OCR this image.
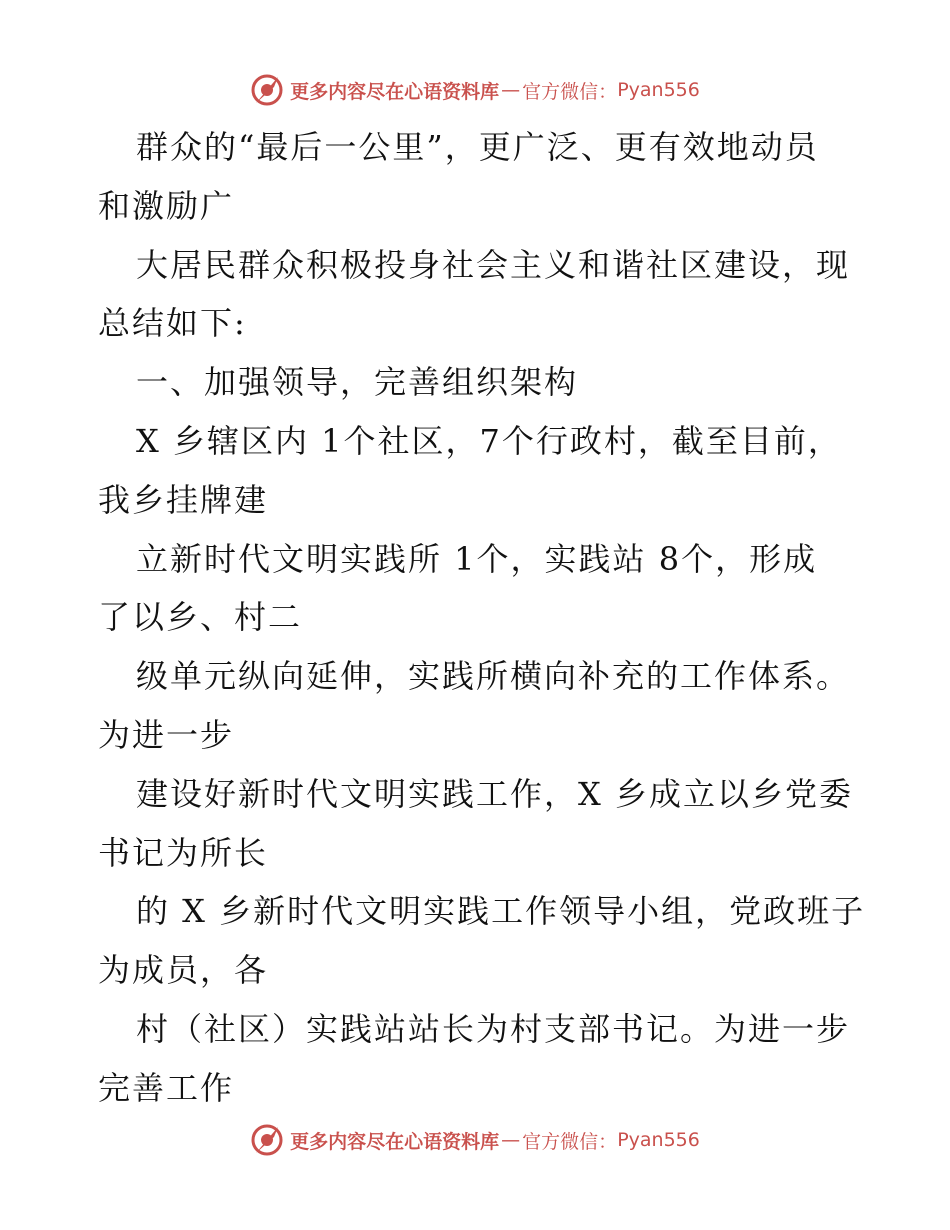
更多内容尽在心语资料库 — 官方微信： Pyan556
群众的“最后一公里”，更广泛、更有效地动员
和激励广
大居民群众积极投身社会主义和谐社区建设，现
总结如下:
一、加强领导，完善组织架构
X 乡辖区内 1个社区，7个行政村，截至目前，
我乡挂牌建
立新时代文明实践所 1个，实践站 8个，形成
了以乡、村二
级单元纵向延伸，实践所横向补充的工作体系。
为进一步
建设好新时代文明实践工作，X 乡成立以乡党委
书记为所长
的 X 乡新时代文明实践工作领导小组，党政班子
为成员，各
村（社区）实践站站长为村支部书记。为进一步
完善工作
更多内容尽在心语资料库 — 官方微信： Pyan556
